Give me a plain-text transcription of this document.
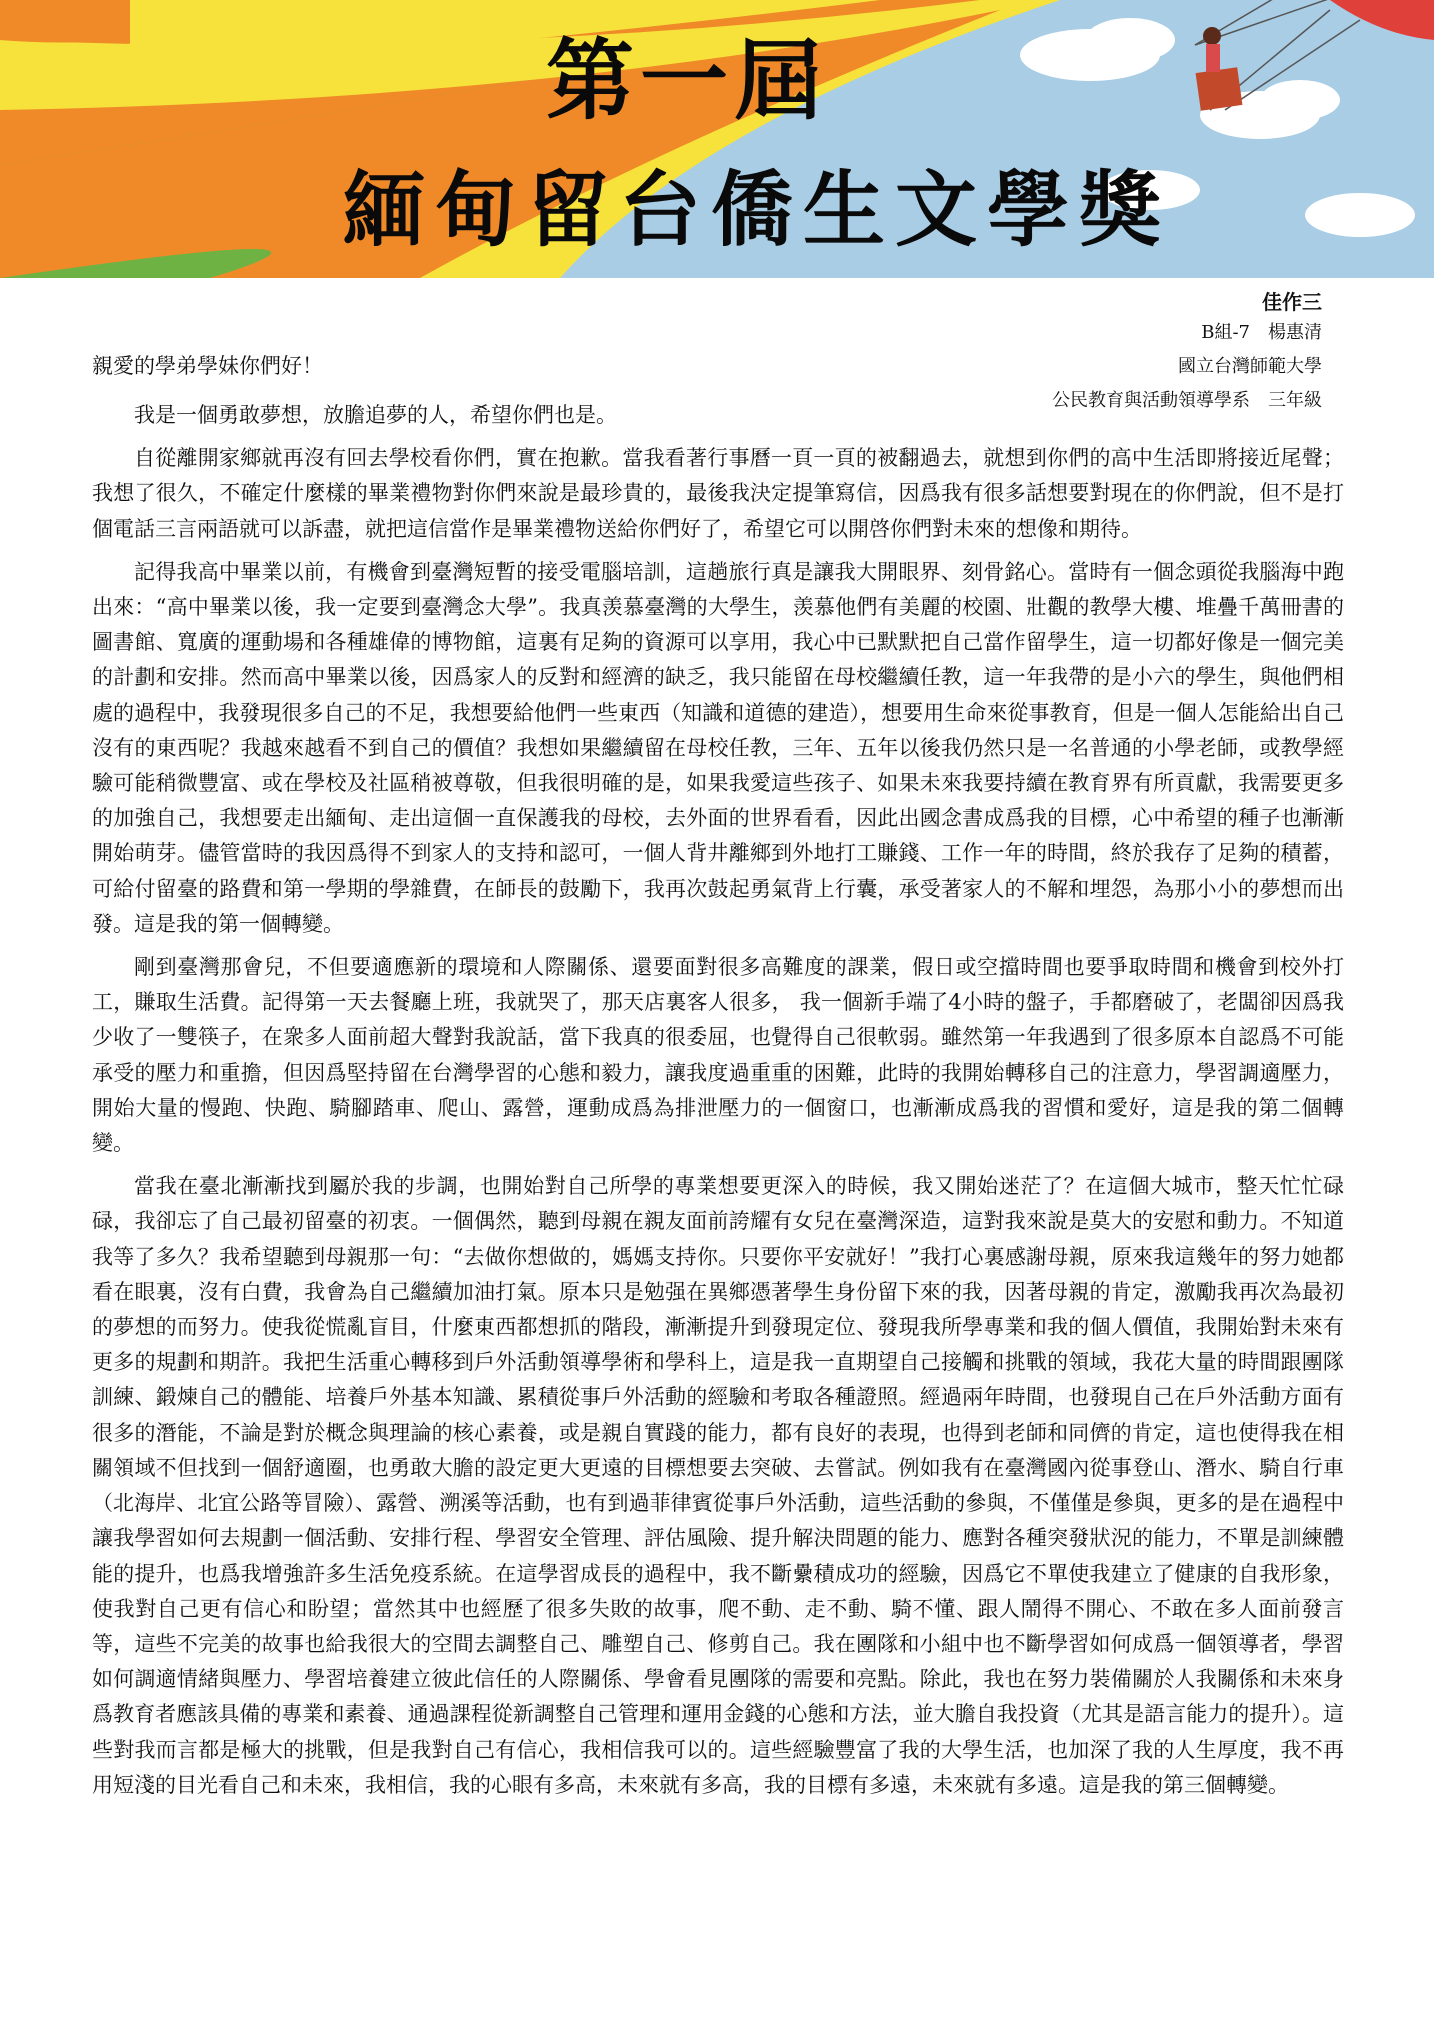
第一屆
緬甸留台僑生文學獎
佳作三
B組-7　楊惠清
國立台灣師範大學
公民教育與活動領導學系　三年級
親愛的學弟學妹你們好！

我是一個勇敢夢想，放膽追夢的人，希望你們也是。

自從離開家鄉就再沒有回去學校看你們，實在抱歉。當我看著行事曆一頁一頁的被翻過去，就想到你們的高中生活即將接近尾聲；我想了很久，不確定什麼樣的畢業禮物對你們來說是最珍貴的，最後我決定提筆寫信，因爲我有很多話想要對現在的你們說，但不是打個電話三言兩語就可以訴盡，就把這信當作是畢業禮物送給你們好了，希望它可以開啓你們對未來的想像和期待。

記得我高中畢業以前，有機會到臺灣短暫的接受電腦培訓，這趟旅行真是讓我大開眼界、刻骨銘心。當時有一個念頭從我腦海中跑出來：“高中畢業以後，我一定要到臺灣念大學”。我真羡慕臺灣的大學生，羡慕他們有美麗的校園、壯觀的教學大樓、堆疊千萬冊書的圖書館、寬廣的運動場和各種雄偉的博物館，這裏有足夠的資源可以享用，我心中已默默把自己當作留學生，這一切都好像是一個完美的計劃和安排。然而高中畢業以後，因爲家人的反對和經濟的缺乏，我只能留在母校繼續任教，這一年我帶的是小六的學生，與他們相處的過程中，我發現很多自己的不足，我想要給他們一些東西（知識和道德的建造），想要用生命來從事教育，但是一個人怎能給出自己沒有的東西呢？我越來越看不到自己的價值？我想如果繼續留在母校任教，三年、五年以後我仍然只是一名普通的小學老師，或教學經驗可能稍微豐富、或在學校及社區稍被尊敬，但我很明確的是，如果我愛這些孩子、如果未來我要持續在教育界有所貢獻，我需要更多的加強自己，我想要走出緬甸、走出這個一直保護我的母校，去外面的世界看看，因此出國念書成爲我的目標，心中希望的種子也漸漸開始萌芽。儘管當時的我因爲得不到家人的支持和認可，一個人背井離鄉到外地打工賺錢、工作一年的時間，終於我存了足夠的積蓄，可給付留臺的路費和第一學期的學雜費，在師長的鼓勵下，我再次鼓起勇氣背上行囊，承受著家人的不解和埋怨，為那小小的夢想而出發。這是我的第一個轉變。

剛到臺灣那會兒，不但要適應新的環境和人際關係、還要面對很多高難度的課業，假日或空擋時間也要爭取時間和機會到校外打工，賺取生活費。記得第一天去餐廳上班，我就哭了，那天店裏客人很多， 我一個新手端了4小時的盤子，手都磨破了，老闆卻因爲我少收了一雙筷子，在衆多人面前超大聲對我說話，當下我真的很委屈，也覺得自己很軟弱。雖然第一年我遇到了很多原本自認爲不可能承受的壓力和重擔，但因爲堅持留在台灣學習的心態和毅力，讓我度過重重的困難，此時的我開始轉移自己的注意力，學習調適壓力，開始大量的慢跑、快跑、騎腳踏車、爬山、露營，運動成爲為排泄壓力的一個窗口，也漸漸成爲我的習慣和愛好，這是我的第二個轉變。

當我在臺北漸漸找到屬於我的步調，也開始對自己所學的專業想要更深入的時候，我又開始迷茫了？在這個大城市，整天忙忙碌碌，我卻忘了自己最初留臺的初衷。一個偶然，聽到母親在親友面前誇耀有女兒在臺灣深造，這對我來說是莫大的安慰和動力。不知道我等了多久？我希望聽到母親那一句：“去做你想做的，媽媽支持你。只要你平安就好！”我打心裏感謝母親，原來我這幾年的努力她都看在眼裏，沒有白費，我會為自己繼續加油打氣。原本只是勉强在異鄉憑著學生身份留下來的我，因著母親的肯定，激勵我再次為最初的夢想的而努力。使我從慌亂盲目，什麼東西都想抓的階段，漸漸提升到發現定位、發現我所學專業和我的個人價值，我開始對未來有更多的規劃和期許。我把生活重心轉移到戶外活動領導學術和學科上，這是我一直期望自己接觸和挑戰的領域，我花大量的時間跟團隊訓練、鍛煉自己的體能、培養戶外基本知識、累積從事戶外活動的經驗和考取各種證照。經過兩年時間，也發現自己在戶外活動方面有很多的潛能，不論是對於概念與理論的核心素養，或是親自實踐的能力，都有良好的表現，也得到老師和同儕的肯定，這也使得我在相關領域不但找到一個舒適圈，也勇敢大膽的設定更大更遠的目標想要去突破、去嘗試。例如我有在臺灣國內從事登山、潛水、騎自行車（北海岸、北宜公路等冒險）、露營、溯溪等活動，也有到過菲律賓從事戶外活動，這些活動的參與，不僅僅是參與，更多的是在過程中讓我學習如何去規劃一個活動、安排行程、學習安全管理、評估風險、提升解決問題的能力、應對各種突發狀況的能力，不單是訓練體能的提升，也爲我增強許多生活免疫系統。在這學習成長的過程中，我不斷纍積成功的經驗，因爲它不單使我建立了健康的自我形象，使我對自己更有信心和盼望；當然其中也經歷了很多失敗的故事，爬不動、走不動、騎不懂、跟人鬧得不開心、不敢在多人面前發言等，這些不完美的故事也給我很大的空間去調整自己、雕塑自己、修剪自己。我在團隊和小組中也不斷學習如何成爲一個領導者，學習如何調適情緒與壓力、學習培養建立彼此信任的人際關係、學會看見團隊的需要和亮點。除此，我也在努力裝備關於人我關係和未來身爲教育者應該具備的專業和素養、通過課程從新調整自己管理和運用金錢的心態和方法，並大膽自我投資（尤其是語言能力的提升）。這些對我而言都是極大的挑戰，但是我對自己有信心，我相信我可以的。這些經驗豐富了我的大學生活，也加深了我的人生厚度，我不再用短淺的目光看自己和未來，我相信，我的心眼有多高，未來就有多高，我的目標有多遠，未來就有多遠。這是我的第三個轉變。
